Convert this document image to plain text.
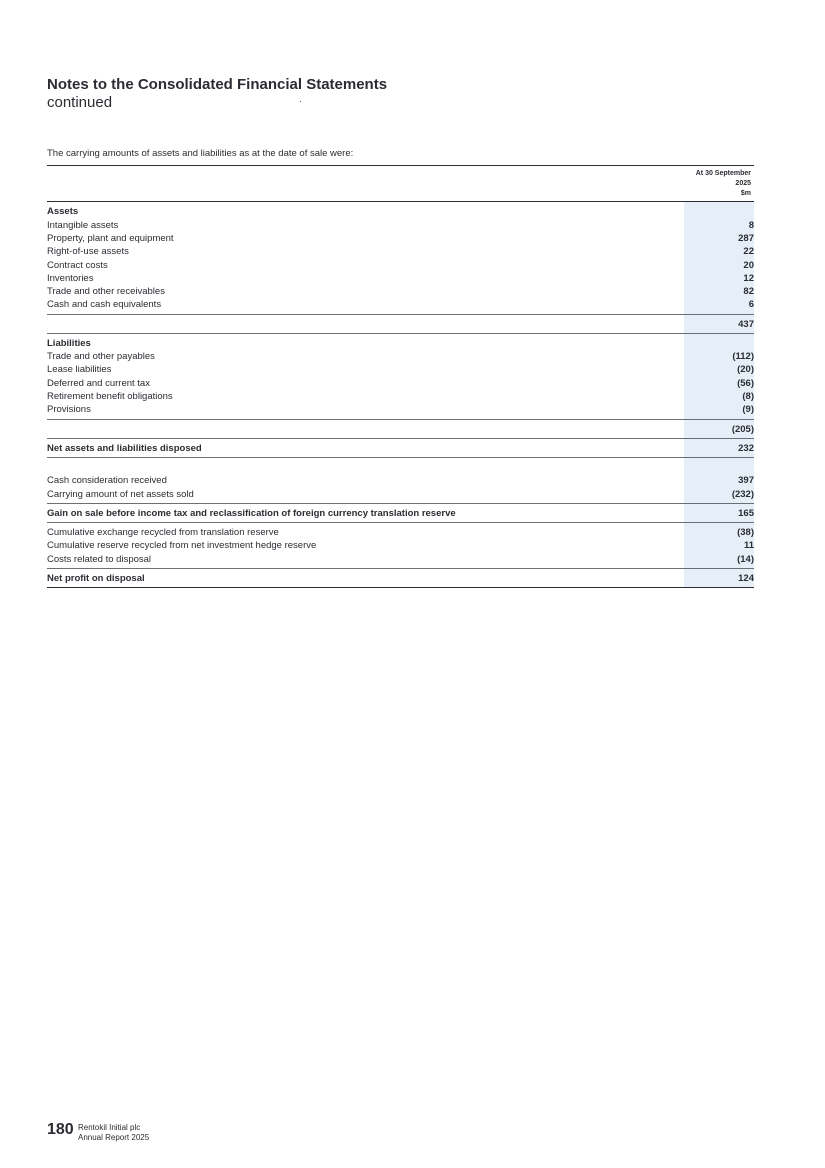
Notes to the Consolidated Financial Statements
continued
The carrying amounts of assets and liabilities as at the date of sale were:
At 30 September
2025
$m
Assets
Intangible assets	8
Property, plant and equipment	287
Right-of-use assets	22
Contract costs	20
Inventories	12
Trade and other receivables	82
Cash and cash equivalents	6
437
Liabilities
Trade and other payables	(112)
Lease liabilities	(20)
Deferred and current tax	(56)
Retirement benefit obligations	(8)
Provisions	(9)
(205)
Net assets and liabilities disposed	232
Cash consideration received	397
Carrying amount of net assets sold	(232)
Gain on sale before income tax and reclassification of foreign currency translation reserve	165
Cumulative exchange recycled from translation reserve	(38)
Cumulative reserve recycled from net investment hedge reserve	11
Costs related to disposal	(14)
Net profit on disposal	124
180 Rentokil Initial plc
Annual Report 2025
